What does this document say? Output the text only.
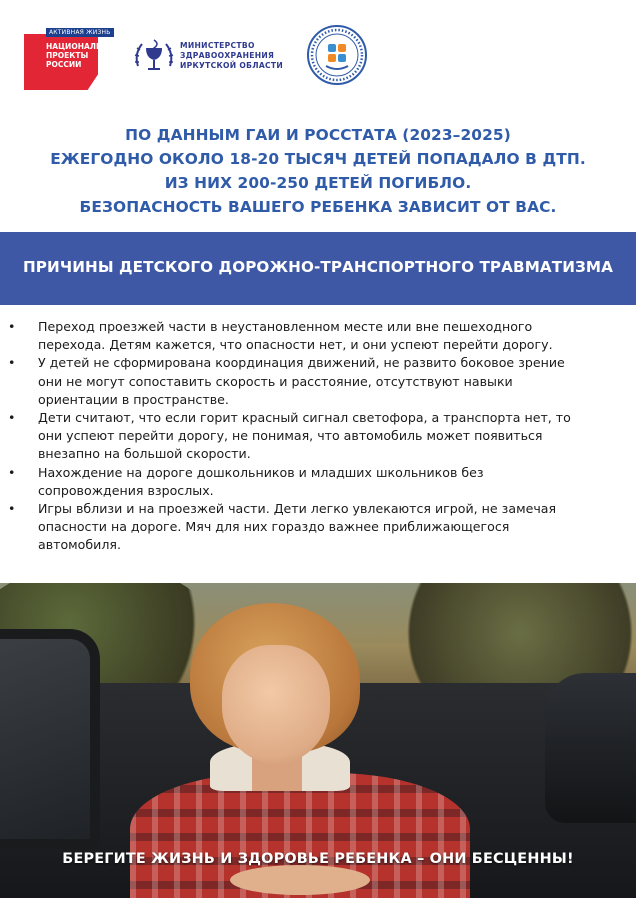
АКТИВНАЯ ЖИЗНЬ
НАЦИОНАЛЬНЫЕ ПРОЕКТЫ РОССИИ
МИНИСТЕРСТВО
ЗДРАВООХРАНЕНИЯ
ИРКУТСКОЙ ОБЛАСТИ
ПО ДАННЫМ ГАИ И РОССТАТА (2023–2025)
ЕЖЕГОДНО ОКОЛО 18-20 ТЫСЯЧ ДЕТЕЙ ПОПАДАЛО В ДТП.
ИЗ НИХ 200-250 ДЕТЕЙ ПОГИБЛО.
БЕЗОПАСНОСТЬ ВАШЕГО РЕБЕНКА ЗАВИСИТ ОТ ВАС.
ПРИЧИНЫ ДЕТСКОГО ДОРОЖНО-ТРАНСПОРТНОГО ТРАВМАТИЗМА
•	Переход проезжей части в неустановленном месте или вне пешеходного
перехода. Детям кажется, что опасности нет, и они успеют перейти дорогу.
•	У детей не сформирована координация движений, не развито боковое зрение
они не могут сопоставить скорость и расстояние, отсутствуют навыки
ориентации в пространстве.
•	Дети считают, что если горит красный сигнал светофора, а транспорта нет, то
они успеют перейти дорогу, не понимая, что автомобиль может появиться
внезапно на большой скорости.
•	Нахождение на дороге дошкольников и младших школьников без
сопровождения взрослых.
•	Игры вблизи и на проезжей части. Дети легко увлекаются игрой, не замечая
опасности на дороге. Мяч для них гораздо важнее приближающегося
автомобиля.
БЕРЕГИТЕ ЖИЗНЬ И ЗДОРОВЬЕ РЕБЕНКА – ОНИ БЕСЦЕННЫ!
